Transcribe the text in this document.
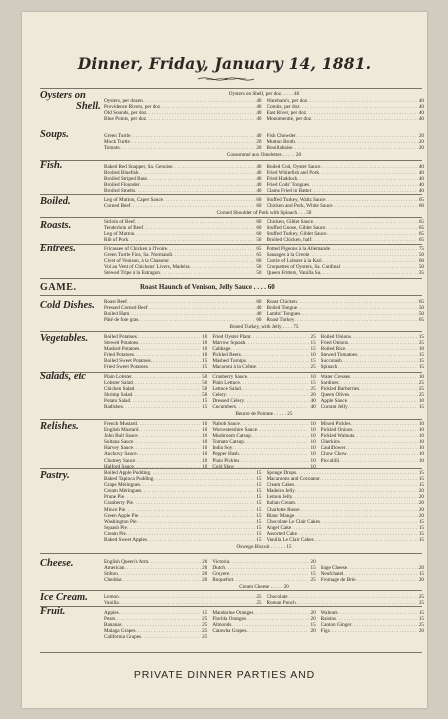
Dinner, Friday, January 14, 1881.
Oysters on
Shell.
Oysters on Shell, per doz. . . . . 40
Oysters, per dozen . . .	40 Wareham's, per doz . . .	40
Providence Rivers, per doz . . .	40 Cotuits, per doz . . .	40
Old Sounds, per doz . . .	40 East River, per doz . . .	40
Blue Points, per doz . . .	40 Monumentie, per doz . . .	40
Soups.	Green Turtle . . .	40 Fish Chowder . . .	20
Mock Turtle . . .	20 Mutton Broth . . .	20
Tomato . . .	20 Bouillabaise . . .	20
Consommé aux Omelettes . . . . . 20
Fish.	Baked Red Snapper, Sa. Genoise . . .	40 Boiled Cod, Oyster Sauce . . .	40
Broiled Bluefish . . .	40 Fried Whitefish and Pork . . .	40
Broiled Striped Bass . . .	40 Fried Haddock . . .	40
Broiled Flounder . . .	40 Fried Cods' Tongues . . .	40
Broiled Smelts . . .	40 Clams Fried in Batter . . .	40
Boiled.	Leg of Mutton, Caper Sauce . . .	60 Stuffed Turkey, Waltz Sauce . . .	65
Corned Beef . . .	60 Chicken and Pork, White Sauce . . .	60
Corned Shoulder of Pork with Spinach . . . 50
Roasts.	Sirloin of Beef . . .	60 Chicken, Giblet Sauce . . .	65
Tenderloin of Beef . . .	60 Stuffed Goose, Giblet Sauce . . .	65
Leg of Mutton . . .	60 Stuffed Turkey, Giblet Sauce . . .	65
Rib of Pork . . .	50 Broiled Chicken, half . . .	65
Entrees.	Fricassee of Chicken à l'Ivoire . . .	65 Potted Pigeons à la Allemande . . .	75
Green Turtle Fins, Sa. Normandi . . .	65 Sausages à la Creole . . .	50
Civet of Venison, à la Chasseur . . .	60 Currie of Lobster à la Kari . . .	60
Vol au Vent of Chickens' Livers, Madeira . . .	50 Croquettes of Oysters, Sa. Cardinal . . .	50
Stewed Tripe à la Estragon . . .	50 Queen Fritters, Vanilla Sa. . . .	35
GAME.	Roast Haunch of Venison, Jelly Sauce . . . . 60
Cold Dishes. Roast Beef . . .	60 Roast Chicken . . .	65
Pressed Corned Beef . . .	40 Boiled Tongue . . .	50
Boiled Ham . . .	40 Lambs' Tongues . . .	50
Pâté de foie gras . . .	60 Roast Turkey . . .	65
Boned Turkey, with Jelly . . . . 75
Vegetables.	Boiled Potatoes . . .	10 Fried Oyster Plant . . .	25 Boiled Onions . . .	15
Stewed Potatoes . . .	10 Marrow Squash . . .	15 Fried Onions . . .	25
Mashed Potatoes . . .	10 Cabbage . . .	15 Boiled Rice . . .	10
Fried Potatoes . . .	10 Pickled Beets . . .	10 Stewed Tomatoes . . .	15
Boiled Sweet Potatoes . . .	15 Mashed Turnips . . .	15 Succotash . . .	15
Fried Sweet Potatoes . . .	15 Macaroni à la Crême . . .	25 Spinach . . .	15
Salads, etc	Plain Lobster . . .	50 Cranberry Sauce . . .	10 Water Cresses . . .	10
Lobster Salad . . .	50 Plain Lettuce . . .	15 Sardines . . .	25
Chicken Salad . . .	50 Lettuce Salad . . .	25 Pickled Barberries . . .	25
Shrimp Salad . . .	50 Celery . . .	20 Queen Olives . . .	25
Potato Salad . . .	15 Dressed Celery . . .	40 Apple Sauce . . .	10
Radishes . . .	15 Cucumbers . . .	40 Currant Jelly . . .	15
Beurre de Pomme . . . . . 25
Relishes.	French Mustard . . .	10 Nabob Sauce . . .	10 Mixed Pickles . . .	10
English Mustard . . .	10 Worcestershire Sauce . . .	10 Pickled Onions . . .	10
John Bull Sauce . . .	10 Mushroom Catsup . . .	10 Pickled Walnuts . . .	10
Sultana Sauce . . .	10 Tomato Catsup . . .	10 Gherkins . . .	10
Harvey Sauce . . .	10 India Soy . . .	10 Cauliflower . . .	10
Anchovy Sauce . . .	10 Pepper Hash . . .	10 Chow Chow . . .	10
Chutney Sauce . . .	10 Piain Pickles . . .	10 Piccalilli . . .	10
Halford Sauce . . .	10 Cold Slaw . . .	10
Pastry.	Boiled Apple Pudding . . .	15 Sponge Drops . . .	15
Baked Tapioca Pudding . . .	15 Macaroons and Cocoanut . . .	15
Grape Méringues . . .	15 Cream Cakes . . .	15
Cream Méringues . . .	15 Madeira Jelly . . .	20
Prune Pie . . .	15 Lemon Jelly . . .	20
Cranberry Pie . . .	15 Italian Cream . . .	20
Mince Pie . . .	15 Charlotte Russe . . .	20
Green Apple Pie . . .	15 Blanc Mange . . .	20
Washington Pie . . .	15 Chocolate Le Clair Cakes . . .	15
Squash Pie . . .	15 Angel Cake . . .	15
Cream Pie . . .	15 Assorted Cake . . .	15
Baked Sweet Apples . . .	15 Vanilla Le Clair Cakes . . .	15
Oswego Biscuit . . . . . . 15
Cheese.	English Queen's Arm . . .	20 Victoria . . .	20
American . . .	20 Dutch . . .	15 Sage Cheese . . .	20
Stilton . . .	20 Gruyere . . .	15 Neufchatel . . .	15
Cheddar . . .	20 Roquefort . . .	25 Fromage de Brie . . .	20
Cream Cheese . . . . . 20
Ice Cream.	Lemon . . .	25 Chocolate . . .	25
Vanilla . . .	25 Roman Punch . . .	25
Fruit.	Apples . . .	15 Mandarine Oranges . . .	20 Walnuts . . .	15
Pears . . .	25 Florida Oranges . . .	20 Raisins . . .	15
Bananas . . .	25 Almonds . . .	15 Canton Ginger . . .	25
Malaga Grapes . . .	25 Catawba Grapes . . .	20 Figs . . .	20
California Grapes . . .	25
PRIVATE DINNER PARTIES AND
